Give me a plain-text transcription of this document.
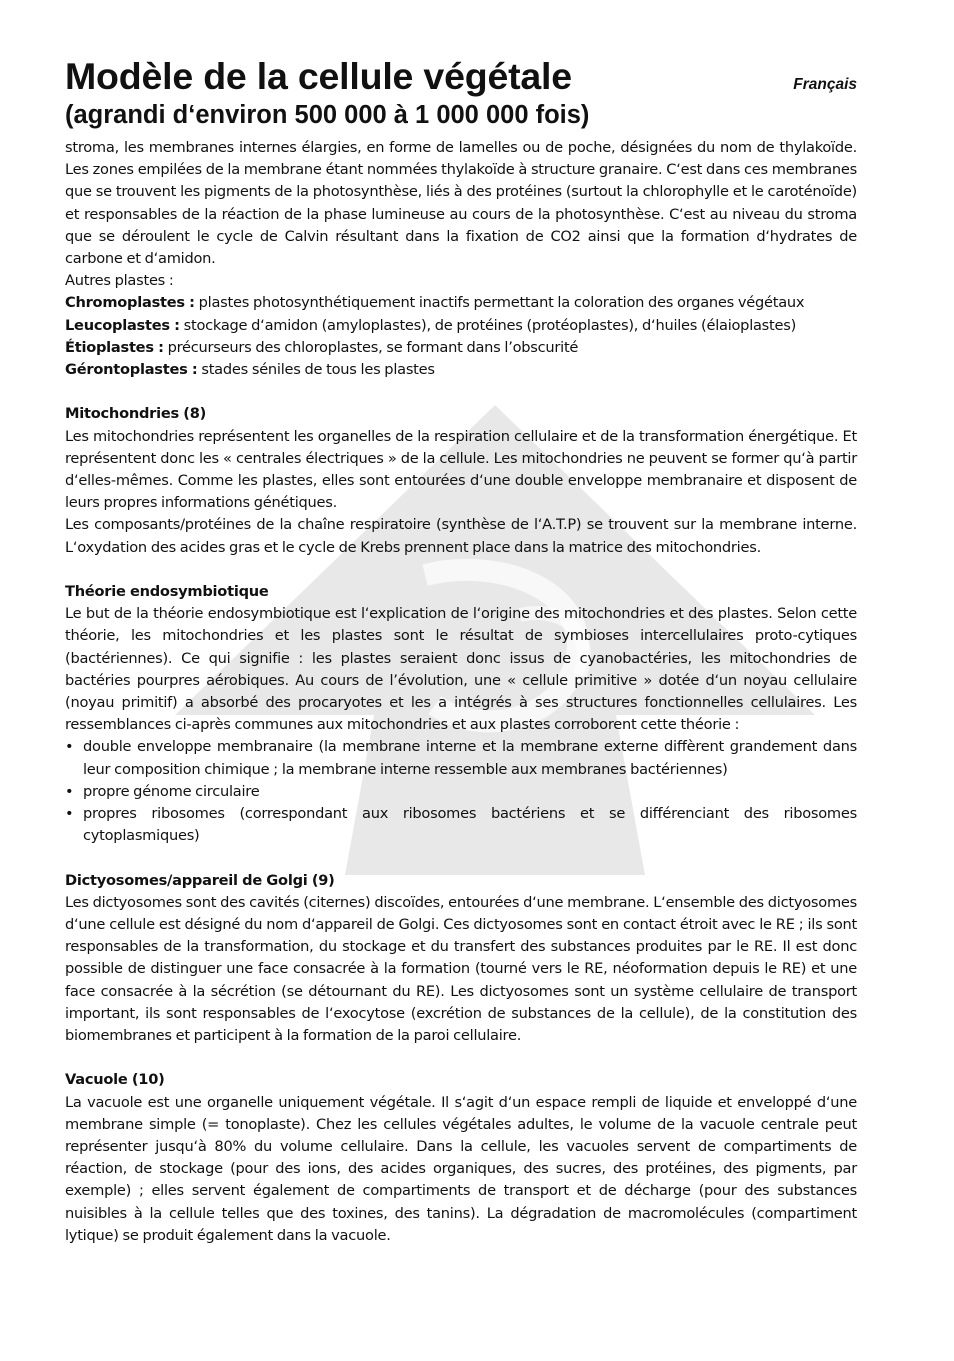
Français
Modèle de la cellule végétale
(agrandi d‘environ 500 000 à 1 000 000 fois)

stroma, les membranes internes élargies, en forme de lamelles ou de poche, désignées du nom de thylakoïde. Les zones empilées de la membrane étant nommées thylakoïde à structure granaire. C‘est dans ces membranes que se trouvent les pigments de la photosynthèse, liés à des protéines (surtout la chlorophylle et le caroténoïde) et responsables de la réaction de la phase lumineuse au cours de la photosynthèse. C‘est au niveau du stroma que se déroulent le cycle de Calvin résultant dans la fixation de CO2 ainsi que la formation d‘hydrates de carbone et d‘amidon.

Autres plastes :

Chromoplastes : plastes photosynthétiquement inactifs permettant la coloration des organes végétaux

Leucoplastes : stockage d‘amidon (amyloplastes), de protéines (protéoplastes), d‘huiles (élaioplastes)

Étioplastes : précurseurs des chloroplastes, se formant dans l’obscurité

Gérontoplastes : stades séniles de tous les plastes

Mitochondries (8)

Les mitochondries représentent les organelles de la respiration cellulaire et de la transformation énergétique. Et représentent donc les « centrales électriques » de la cellule. Les mitochondries ne peuvent se former qu‘à partir d‘elles-mêmes. Comme les plastes, elles sont entourées d‘une double enveloppe membranaire et disposent de leurs propres informations génétiques.

Les composants/protéines de la chaîne respiratoire (synthèse de l‘A.T.P) se trouvent sur la membrane interne. L‘oxydation des acides gras et le cycle de Krebs prennent place dans la matrice des mitochondries.

Théorie endosymbiotique

Le but de la théorie endosymbiotique est l‘explication de l‘origine des mitochondries et des plastes. Selon cette théorie, les mitochondries et les plastes sont le résultat de symbioses intercellulaires proto-cytiques (bactériennes). Ce qui signifie : les plastes seraient donc issus de cyanobactéries, les mitochondries de bactéries pourpres aérobiques. Au cours de l’évolution, une « cellule primitive » dotée d‘un noyau cellulaire (noyau primitif) a absorbé des procaryotes et les a intégrés à ses structures fonctionnelles cellulaires. Les ressemblances ci-après communes aux mitochondries et aux plastes corroborent cette théorie :

• double enveloppe membranaire (la membrane interne et la membrane externe diffèrent grandement dans leur composition chimique ; la membrane interne ressemble aux membranes bactériennes)
• propre génome circulaire
• propres ribosomes (correspondant aux ribosomes bactériens et se différenciant des ribosomes cytoplasmiques)

Dictyosomes/appareil de Golgi (9)

Les dictyosomes sont des cavités (citernes) discoïdes, entourées d‘une membrane. L‘ensemble des dictyosomes d‘une cellule est désigné du nom d‘appareil de Golgi. Ces dictyosomes sont en contact étroit avec le RE ; ils sont responsables de la transformation, du stockage et du transfert des substances produites par le RE. Il est donc possible de distinguer une face consacrée à la formation (tourné vers le RE, néoformation depuis le RE) et une face consacrée à la sécrétion (se détournant du RE). Les dictyosomes sont un système cellulaire de transport important, ils sont responsables de l‘exocytose (excrétion de substances de la cellule), de la constitution des biomembranes et participent à la formation de la paroi cellulaire.

Vacuole (10)

La vacuole est une organelle uniquement végétale. Il s‘agit d‘un espace rempli de liquide et enveloppé d‘une membrane simple (= tonoplaste). Chez les cellules végétales adultes, le volume de la vacuole centrale peut représenter jusqu‘à 80% du volume cellulaire. Dans la cellule, les vacuoles servent de compartiments de réaction, de stockage (pour des ions, des acides organiques, des sucres, des protéines, des pigments, par exemple) ; elles servent également de compartiments de transport et de décharge (pour des substances nuisibles à la cellule telles que des toxines, des tanins). La dégradation de macromolécules (compartiment lytique) se produit également dans la vacuole.
